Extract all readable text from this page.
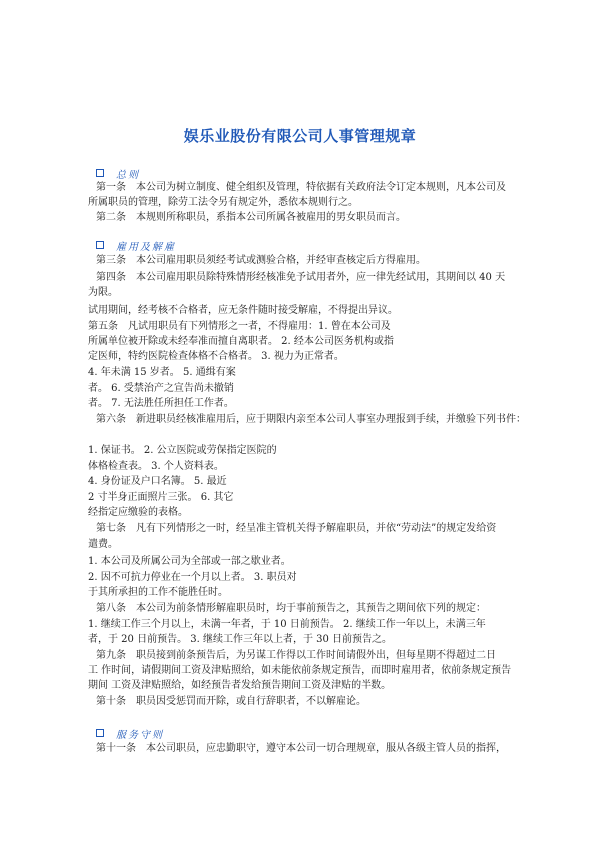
娱乐业股份有限公司人事管理规章
总则
第一条　本公司为树立制度、健全组织及管理，特依据有关政府法令订定本规则，凡本公司及
所属职员的管理，除劳工法令另有规定外，悉依本规则行之。
第二条　本规则所称职员，系指本公司所属各被雇用的男女职员而言。
雇用及解雇
第三条　本公司雇用职员须经考试或测验合格，并经审查核定后方得雇用。
第四条　本公司雇用职员除特殊情形经核准免予试用者外，应一律先经试用，其期间以 40 天
为限。
试用期间，经考核不合格者，应无条件随时接受解雇，不得提出异议。
第五条　凡试用职员有下列情形之一者，不得雇用：1. 曾在本公司及
所属单位被开除或未经奉准而擅自离职者。 2. 经本公司医务机构或指
定医师，特约医院检查体格不合格者。 3. 视力为正常者。
4. 年未满 15 岁者。 5. 通缉有案
者。 6. 受禁治产之宣告尚未撤销
者。 7. 无法胜任所担任工作者。
第六条　新进职员经核准雇用后，应于期限内亲至本公司人事室办理报到手续，并缴验下列书件：
1. 保证书。 2. 公立医院或劳保指定医院的
体格检查表。 3. 个人资料表。
4. 身份证及户口名簿。 5. 最近
2 寸半身正面照片三张。 6. 其它
经指定应缴验的表格。
第七条　凡有下列情形之一时，经呈准主管机关得予解雇职员，并依“劳动法”的规定发给资
遣费。
1. 本公司及所属公司为全部或一部之歇业者。
2. 因不可抗力停业在一个月以上者。 3. 职员对
于其所承担的工作不能胜任时。
第八条　本公司为前条情形解雇职员时，均于事前预告之，其预告之期间依下列的规定：
1. 继续工作三个月以上，未满一年者，于 10 日前预告。 2. 继续工作一年以上，未满三年
者，于 20 日前预告。 3. 继续工作三年以上者，于 30 日前预告之。
第九条　职员接到前条预告后，为另谋工作得以工作时间请假外出，但每星期不得超过二日
工 作时间，请假期间工资及津贴照给，如未能依前条规定预告，而即时雇用者，依前条规定预告
期间 工资及津贴照给，如经预告者发给预告期间工资及津贴的半数。
第十条　职员因受惩罚而开除，或自行辞职者，不以解雇论。
服务守则
第十一条　本公司职员，应忠勤职守，遵守本公司一切合理规章，服从各级主管人员的指挥，
